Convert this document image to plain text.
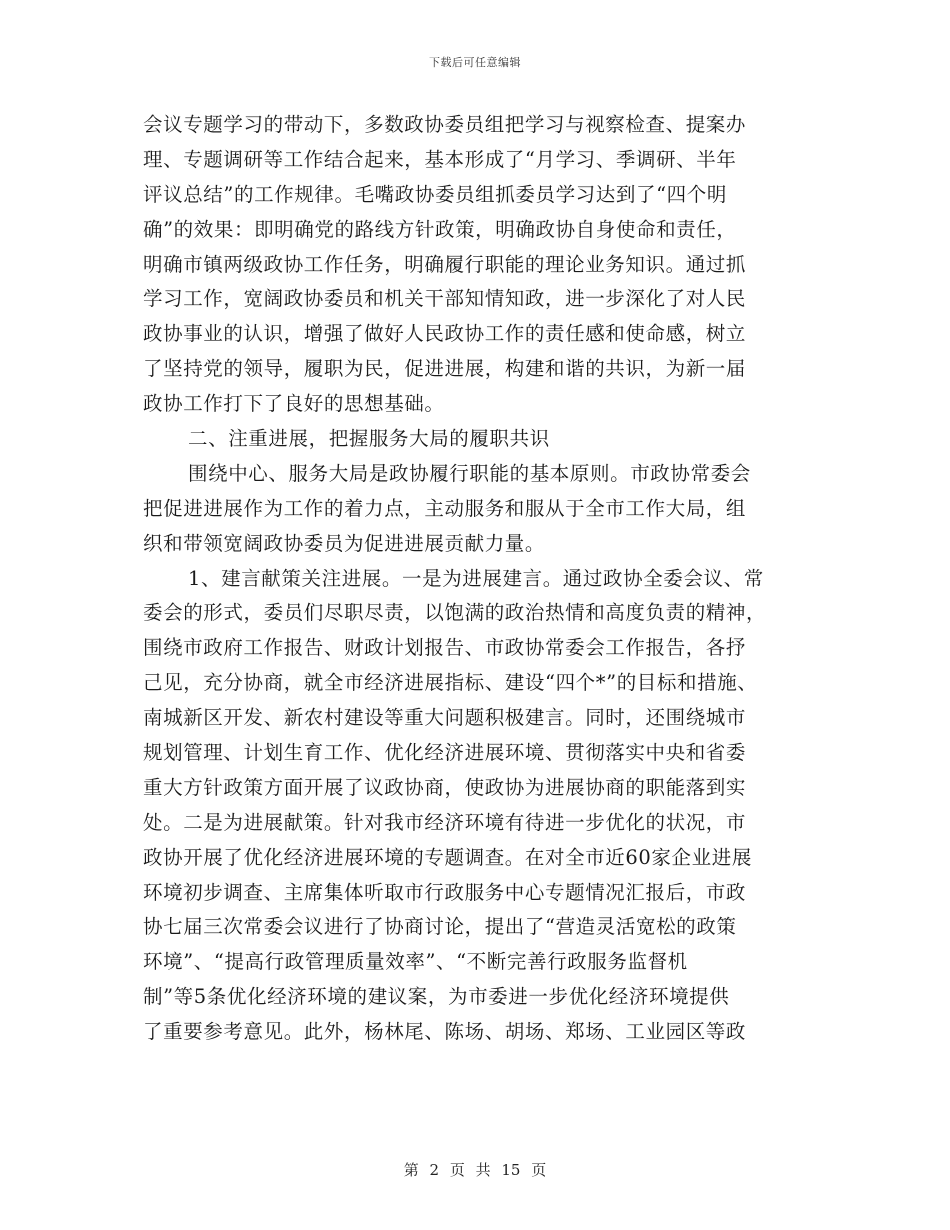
下载后可任意编辑
会议专题学习的带动下，多数政协委员组把学习与视察检查、提案办
理、专题调研等工作结合起来，基本形成了“月学习、季调研、半年
评议总结”的工作规律。毛嘴政协委员组抓委员学习达到了“四个明
确”的效果：即明确党的路线方针政策，明确政协自身使命和责任，
明确市镇两级政协工作任务，明确履行职能的理论业务知识。通过抓
学习工作，宽阔政协委员和机关干部知情知政，进一步深化了对人民
政协事业的认识，增强了做好人民政协工作的责任感和使命感，树立
了坚持党的领导，履职为民，促进进展，构建和谐的共识，为新一届
政协工作打下了良好的思想基础。
二、注重进展，把握服务大局的履职共识
围绕中心、服务大局是政协履行职能的基本原则。市政协常委会
把促进进展作为工作的着力点，主动服务和服从于全市工作大局，组
织和带领宽阔政协委员为促进进展贡献力量。
1、建言献策关注进展。一是为进展建言。通过政协全委会议、常
委会的形式，委员们尽职尽责，以饱满的政治热情和高度负责的精神，
围绕市政府工作报告、财政计划报告、市政协常委会工作报告，各抒
己见，充分协商，就全市经济进展指标、建设“四个*”的目标和措施、
南城新区开发、新农村建设等重大问题积极建言。同时，还围绕城市
规划管理、计划生育工作、优化经济进展环境、贯彻落实中央和省委
重大方针政策方面开展了议政协商，使政协为进展协商的职能落到实
处。二是为进展献策。针对我市经济环境有待进一步优化的状况，市
政协开展了优化经济进展环境的专题调查。在对全市近60家企业进展
环境初步调查、主席集体听取市行政服务中心专题情况汇报后，市政
协七届三次常委会议进行了协商讨论，提出了“营造灵活宽松的政策
环境”、“提高行政管理质量效率”、“不断完善行政服务监督机
制”等5条优化经济环境的建议案，为市委进一步优化经济环境提供
了重要参考意见。此外，杨林尾、陈场、胡场、郑场、工业园区等政
第 2 页 共 15 页
